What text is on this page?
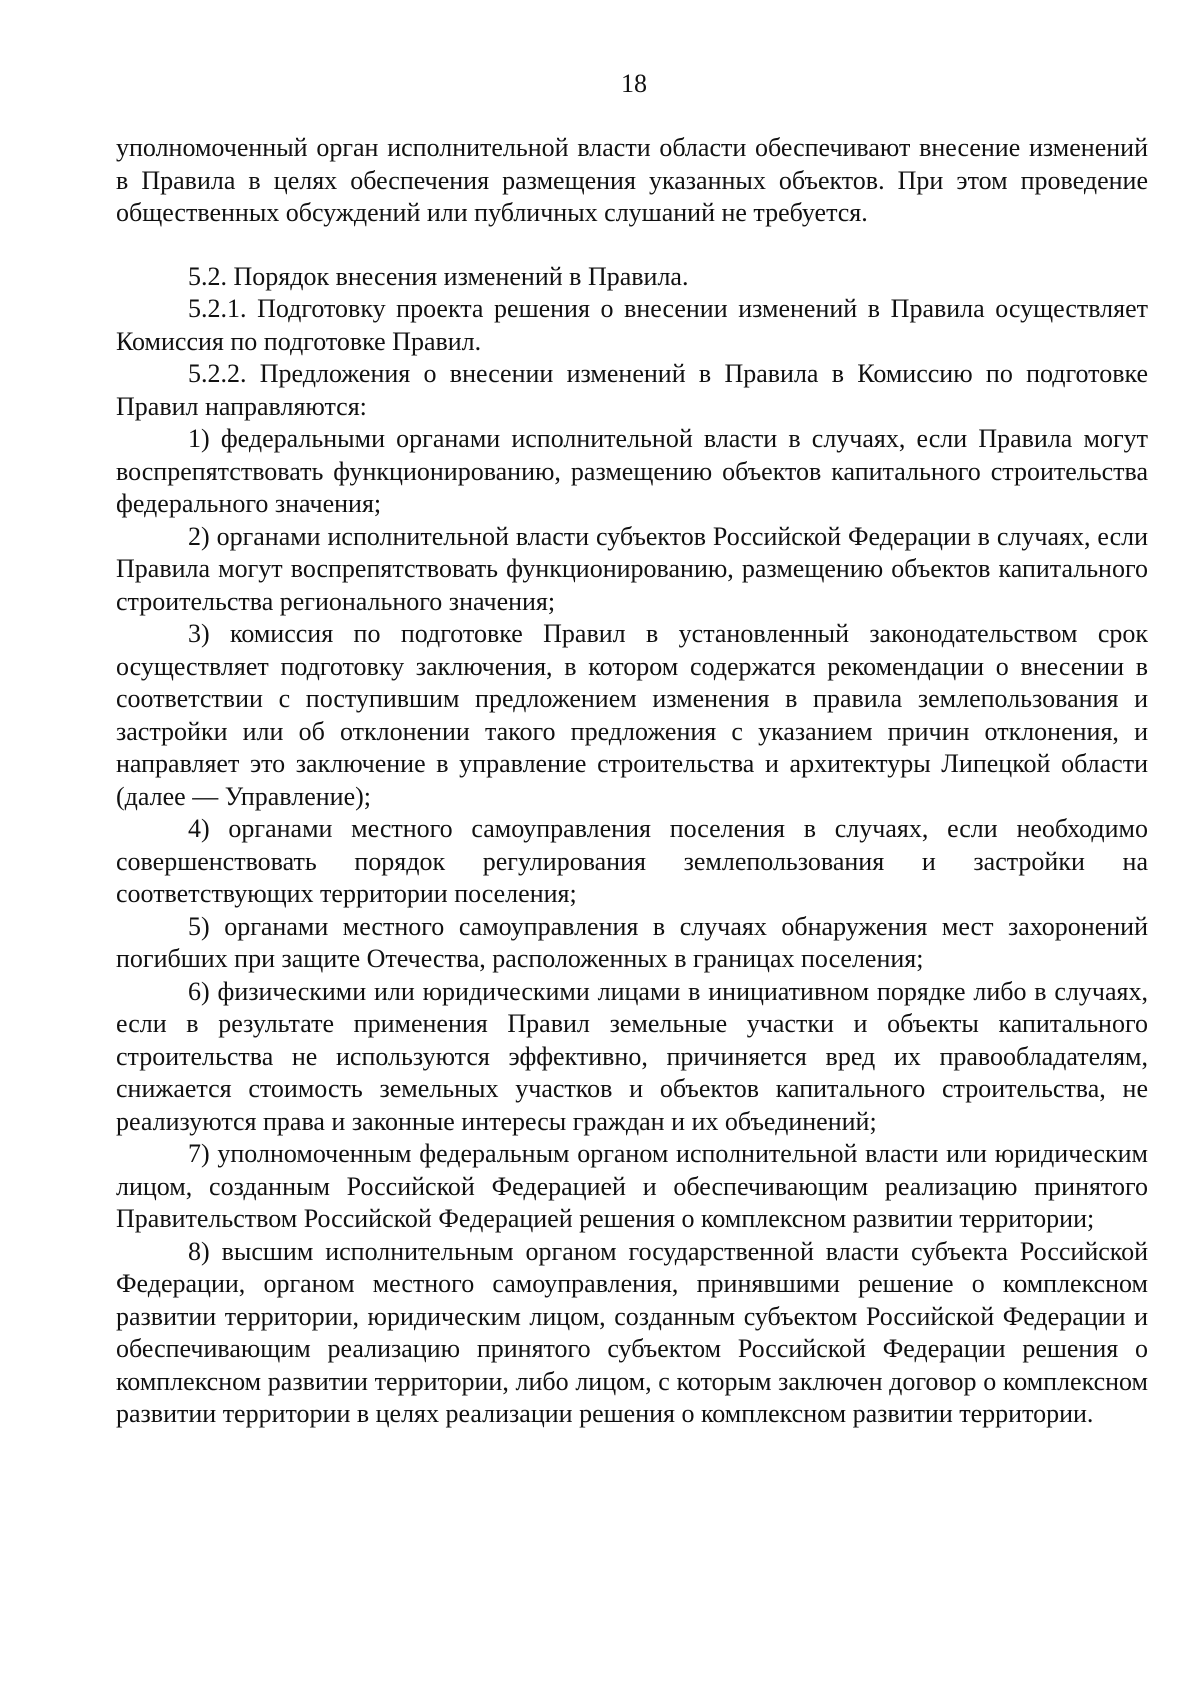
18

уполномоченный орган исполнительной власти области обеспечивают внесение изменений в Правила в целях обеспечения размещения указанных объектов. При этом проведение общественных обсуждений или публичных слушаний не требуется.

5.2. Порядок внесения изменений в Правила.

5.2.1. Подготовку проекта решения о внесении изменений в Правила осуществляет Комиссия по подготовке Правил.

5.2.2. Предложения о внесении изменений в Правила в Комиссию по подготовке Правил направляются:

1) федеральными органами исполнительной власти в случаях, если Правила могут воспрепятствовать функционированию, размещению объектов капитального строительства федерального значения;

2) органами исполнительной власти субъектов Российской Федерации в случаях, если Правила могут воспрепятствовать функционированию, размещению объектов капитального строительства регионального значения;

3) комиссия по подготовке Правил в установленный законодательством срок осуществляет подготовку заключения, в котором содержатся рекомендации о внесении в соответствии с поступившим предложением изменения в правила землепользования и застройки или об отклонении такого предложения с указанием причин отклонения, и направляет это заключение в управление строительства и архитектуры Липецкой области (далее — Управление);

4) органами местного самоуправления поселения в случаях, если необходимо совершенствовать порядок регулирования землепользования и застройки на соответствующих территории поселения;

5) органами местного самоуправления в случаях обнаружения мест захоронений погибших при защите Отечества, расположенных в границах поселения;

6) физическими или юридическими лицами в инициативном порядке либо в случаях, если в результате применения Правил земельные участки и объекты капитального строительства не используются эффективно, причиняется вред их правообладателям, снижается стоимость земельных участков и объектов капитального строительства, не реализуются права и законные интересы граждан и их объединений;

7) уполномоченным федеральным органом исполнительной власти или юридическим лицом, созданным Российской Федерацией и обеспечивающим реализацию принятого Правительством Российской Федерацией решения о комплексном развитии территории;

8) высшим исполнительным органом государственной власти субъекта Российской Федерации, органом местного самоуправления, принявшими решение о комплексном развитии территории, юридическим лицом, созданным субъектом Российской Федерации и обеспечивающим реализацию принятого субъектом Российской Федерации решения о комплексном развитии территории, либо лицом, с которым заключен договор о комплексном развитии территории в целях реализации решения о комплексном развитии территории.
